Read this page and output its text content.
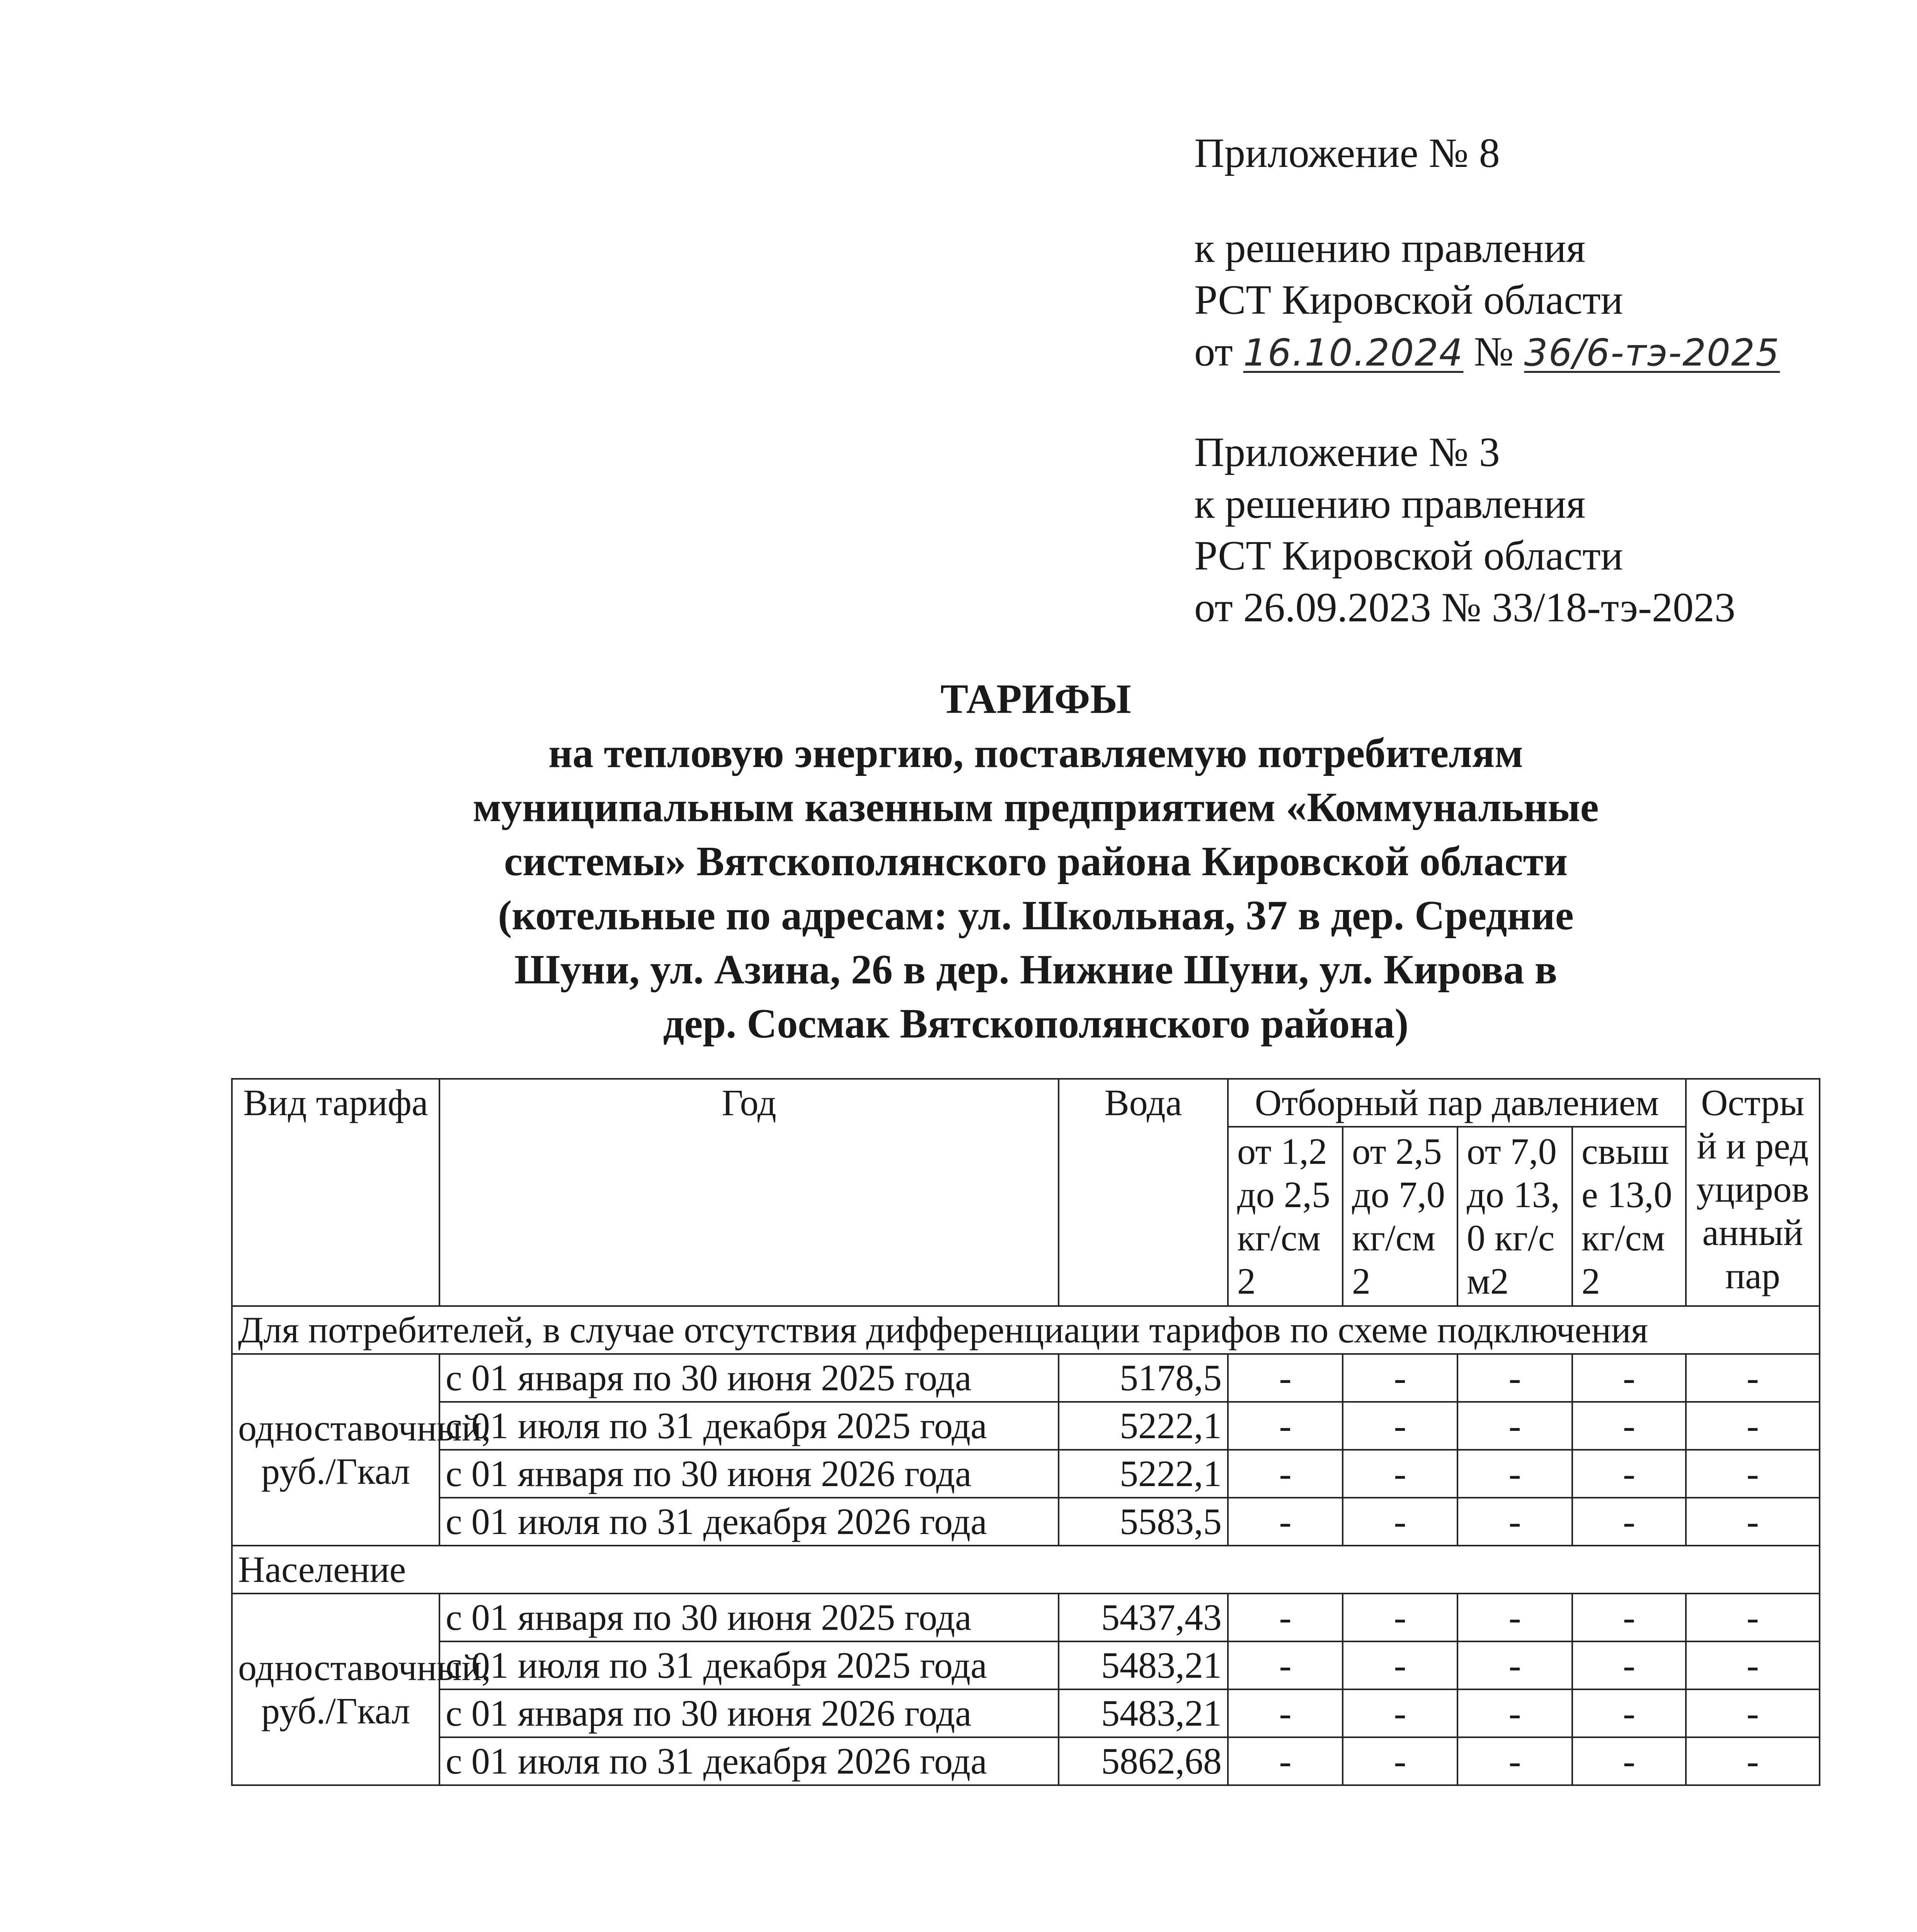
Приложение № 8
к решению правления
РСТ Кировской области
от 16.10.2024 № 36/6-тэ-2025
Приложение № 3
к решению правления
РСТ Кировской области
от 26.09.2023 № 33/18-тэ-2023
ТАРИФЫ
на тепловую энергию, поставляемую потребителям
муниципальным казенным предприятием «Коммунальные
системы» Вятскополянского района Кировской области
(котельные по адресам: ул. Школьная, 37 в дер. Средние
Шуни, ул. Азина, 26 в дер. Нижние Шуни, ул. Кирова в
дер. Сосмак Вятскополянского района)
Вид тарифа	Год	Вода	Отборный пар давлением				Острый и редуцированный пар
			от 1,2 до 2,5 кг/см2	от 2,5 до 7,0 кг/см2	от 7,0 до 13,0 кг/см2	свыше 13,0 кг/см2	
Для потребителей, в случае отсутствия дифференциации тарифов по схеме подключения							
одноставочный, руб./Гкал	с 01 января по 30 июня 2025 года	5178,5	-	-	-	-	-
	с 01 июля по 31 декабря 2025 года	5222,1	-	-	-	-	-
	с 01 января по 30 июня 2026 года	5222,1	-	-	-	-	-
	с 01 июля по 31 декабря 2026 года	5583,5	-	-	-	-	-
Население							
одноставочный, руб./Гкал	с 01 января по 30 июня 2025 года	5437,43	-	-	-	-	-
	с 01 июля по 31 декабря 2025 года	5483,21	-	-	-	-	-
	с 01 января по 30 июня 2026 года	5483,21	-	-	-	-	-
	с 01 июля по 31 декабря 2026 года	5862,68	-	-	-	-	-
